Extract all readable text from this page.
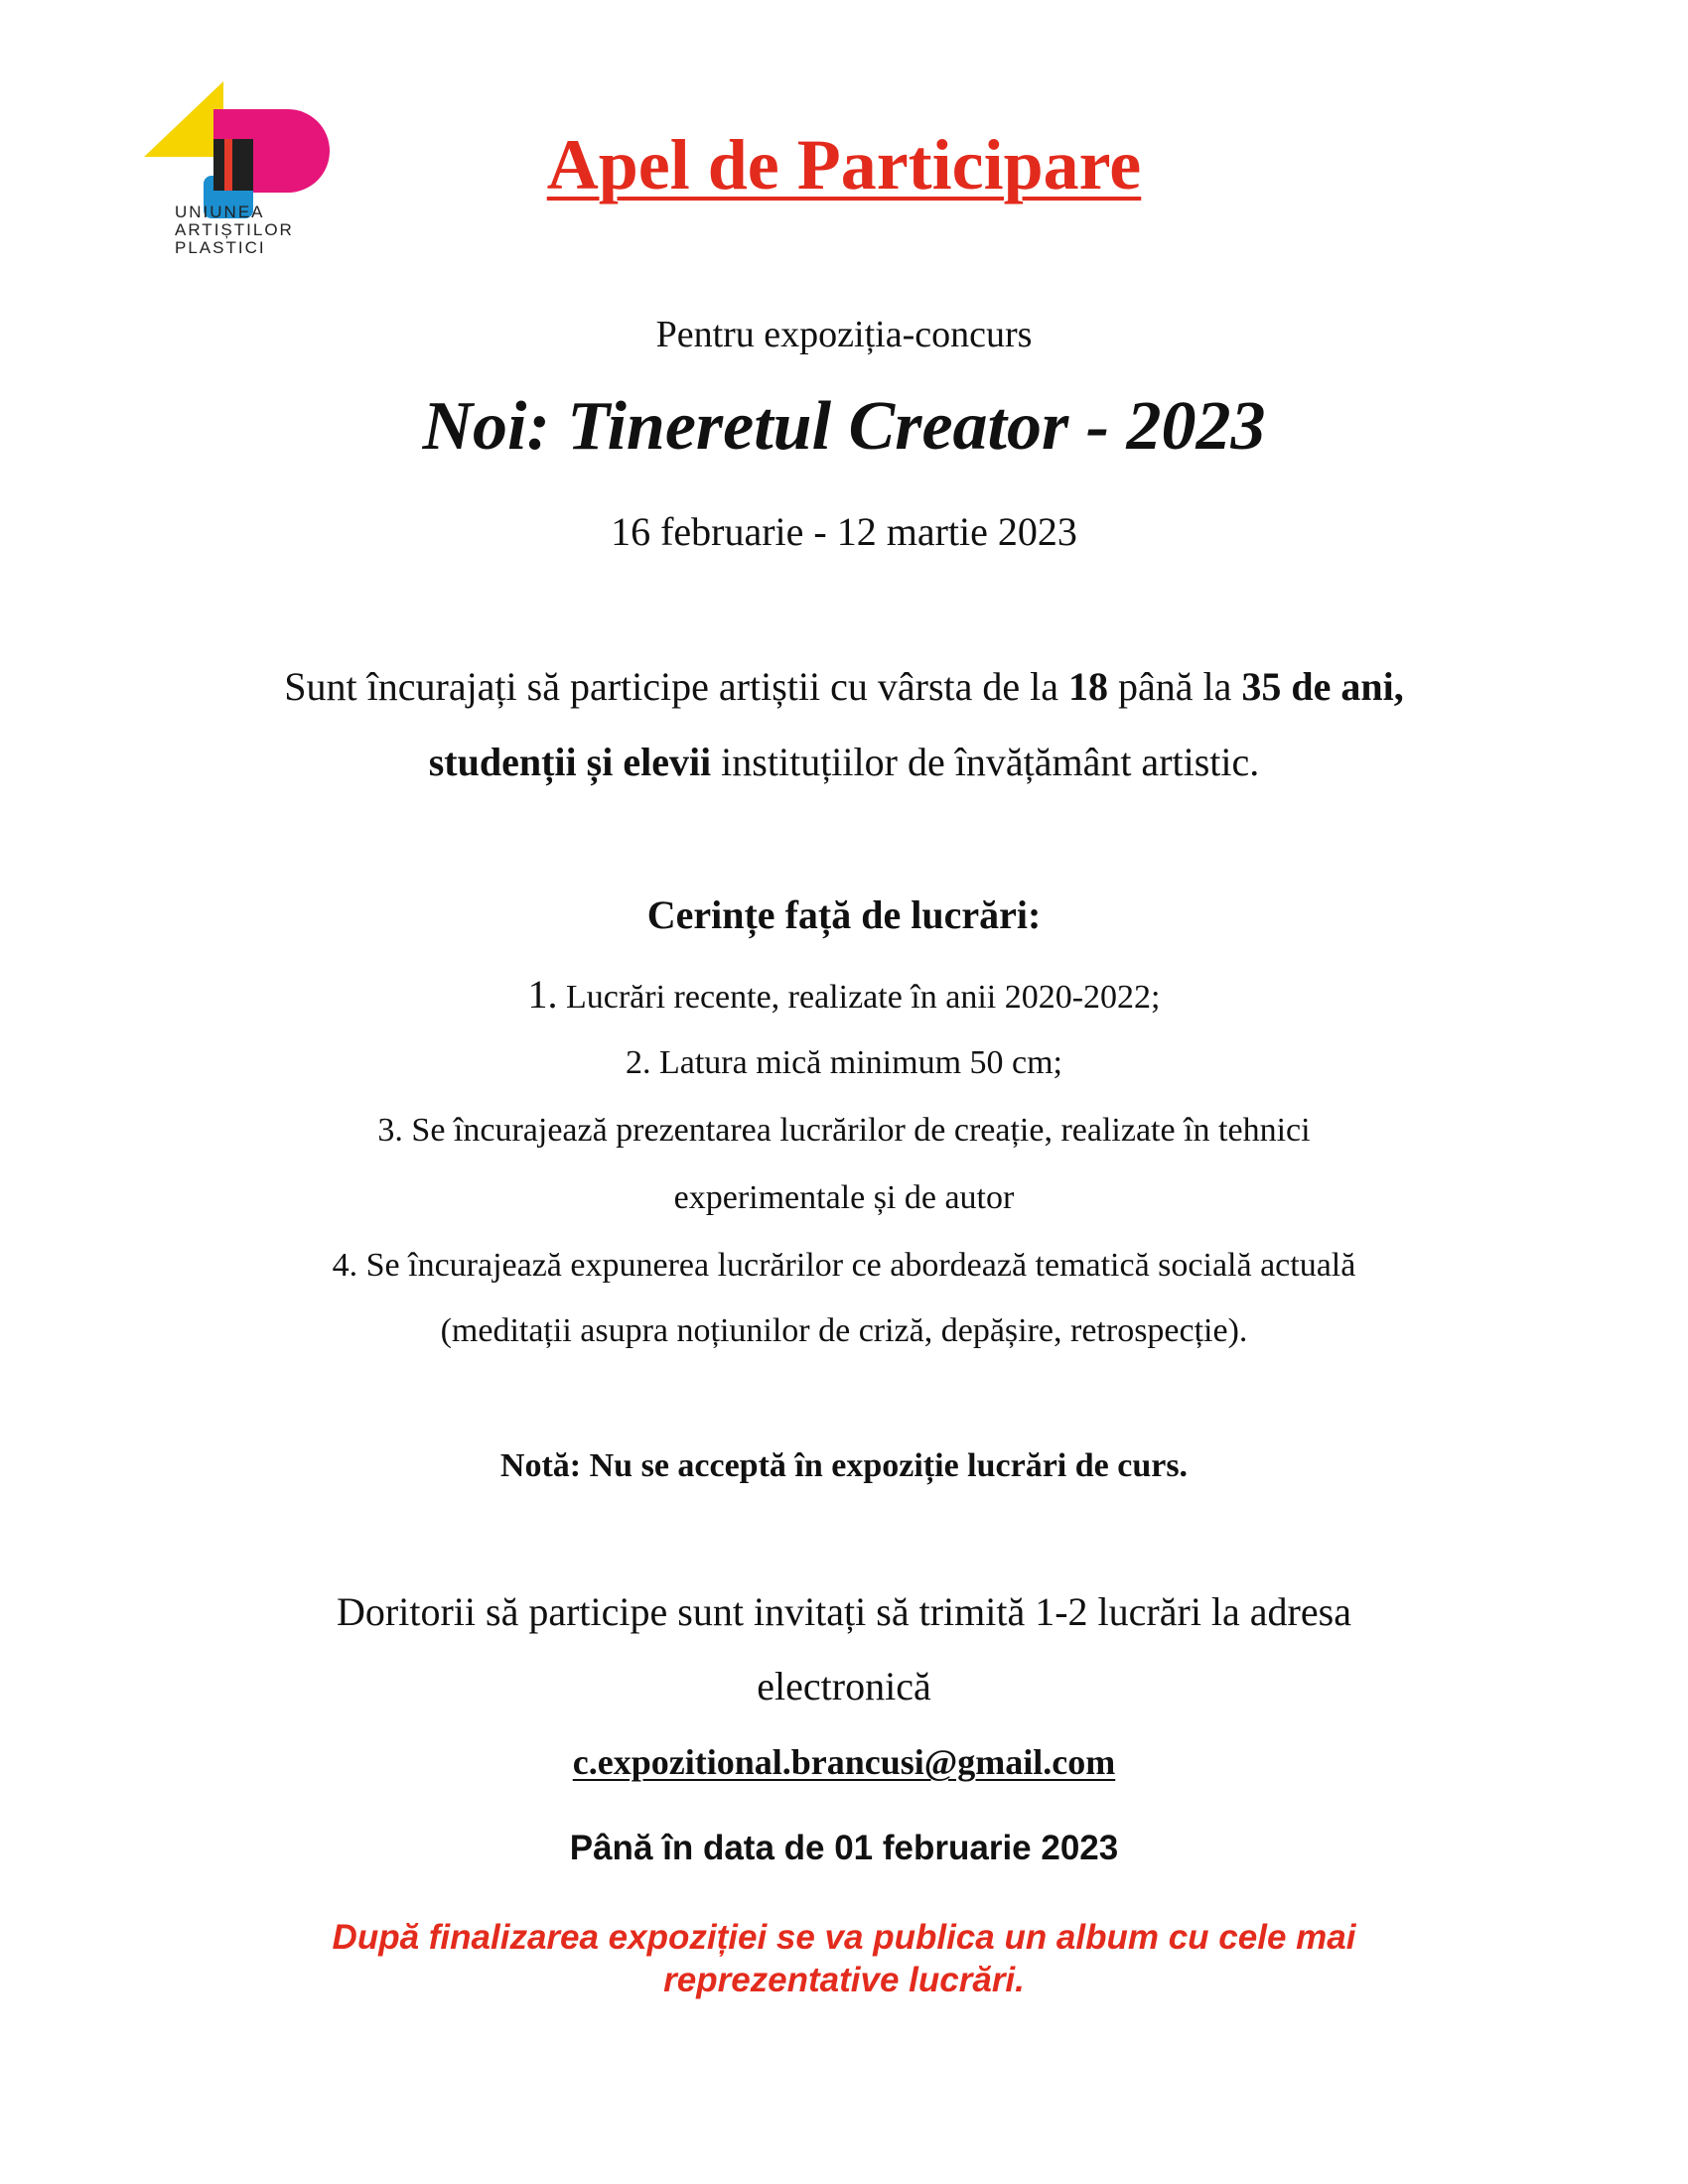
UNIUNEA
ARTIȘTILOR
PLASTICI
Apel de Participare
Pentru expoziția-concurs
Noi: Tineretul Creator - 2023
16 februarie - 12 martie 2023
Sunt încurajați să participe artiștii cu vârsta de la 18 până la 35 de ani,
studenții și elevii instituțiilor de învățământ artistic.
Cerințe față de lucrări:
1. Lucrări recente, realizate în anii 2020-2022;
2. Latura mică minimum 50 cm;
3. Se încurajează prezentarea lucrărilor de creație, realizate în tehnici
experimentale și de autor
4. Se încurajează expunerea lucrărilor ce abordează tematică socială actuală
(meditații asupra noțiunilor de criză, depășire, retrospecție).
Notă: Nu se acceptă în expoziție lucrări de curs.
Doritorii să participe sunt invitați să trimită 1-2 lucrări la adresa
electronică
c.expozitional.brancusi@gmail.com
Până în data de 01 februarie 2023
După finalizarea expoziției se va publica un album cu cele mai
reprezentative lucrări.
